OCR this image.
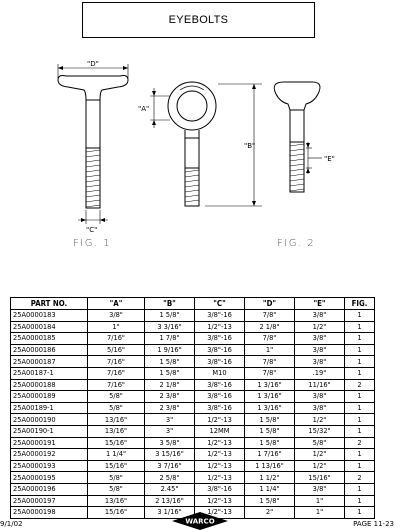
EYEBOLTS
"D"
"C"
"A"
"B"
"E"
FIG. 1	FIG. 2
PART NO.	"A"	"B"	"C"	"D"	"E"	FIG.
25A0000183	3/8"	1 5/8"	3/8"-16	7/8"	3/8"	1
25A0000184	1"	3 3/16"	1/2"-13	2 1/8"	1/2"	1
25A0000185	7/16"	1 7/8"	3/8"-16	7/8"	3/8"	1
25A0000186	5/16"	1 9/16"	3/8"-16	1"	3/8"	1
25A0000187	7/16"	1 5/8"	3/8"-16	7/8"	3/8"	1
25A00187-1	7/16"	1 5/8"	M10	7/8"	.19"	1
25A0000188	7/16"	2 1/8"	3/8"-16	1 3/16"	11/16"	2
25A0000189	5/8"	2 3/8"	3/8"-16	1 3/16"	3/8"	1
25A00189-1	5/8"	2 3/8"	3/8"-16	1 3/16"	3/8"	1
25A0000190	13/16"	3"	1/2"-13	1 5/8"	1/2"	1
25A00190-1	13/16"	3"	12MM	1 5/8"	15/32"	1
25A0000191	15/16"	3 5/8"	1/2"-13	1 5/8"	5/8"	2
25A0000192	1 1/4"	3 15/16"	1/2"-13	1 7/16"	1/2"	1
25A0000193	15/16"	3 7/16"	1/2"-13	1 13/16"	1/2"	1
25A0000195	5/8"	2 5/8"	1/2"-13	1 1/2"	15/16"	2
25A0000196	5/8"	2.45"	3/8"-16	1 1/4"	3/8"	1
25A0000197	13/16"	2 13/16"	1/2"-13	1 5/8"	1"	1
25A0000198	15/16"	3 1/16"	1/2"-13	2"	1"	1
9/1/02	WARCO	PAGE 11-23
